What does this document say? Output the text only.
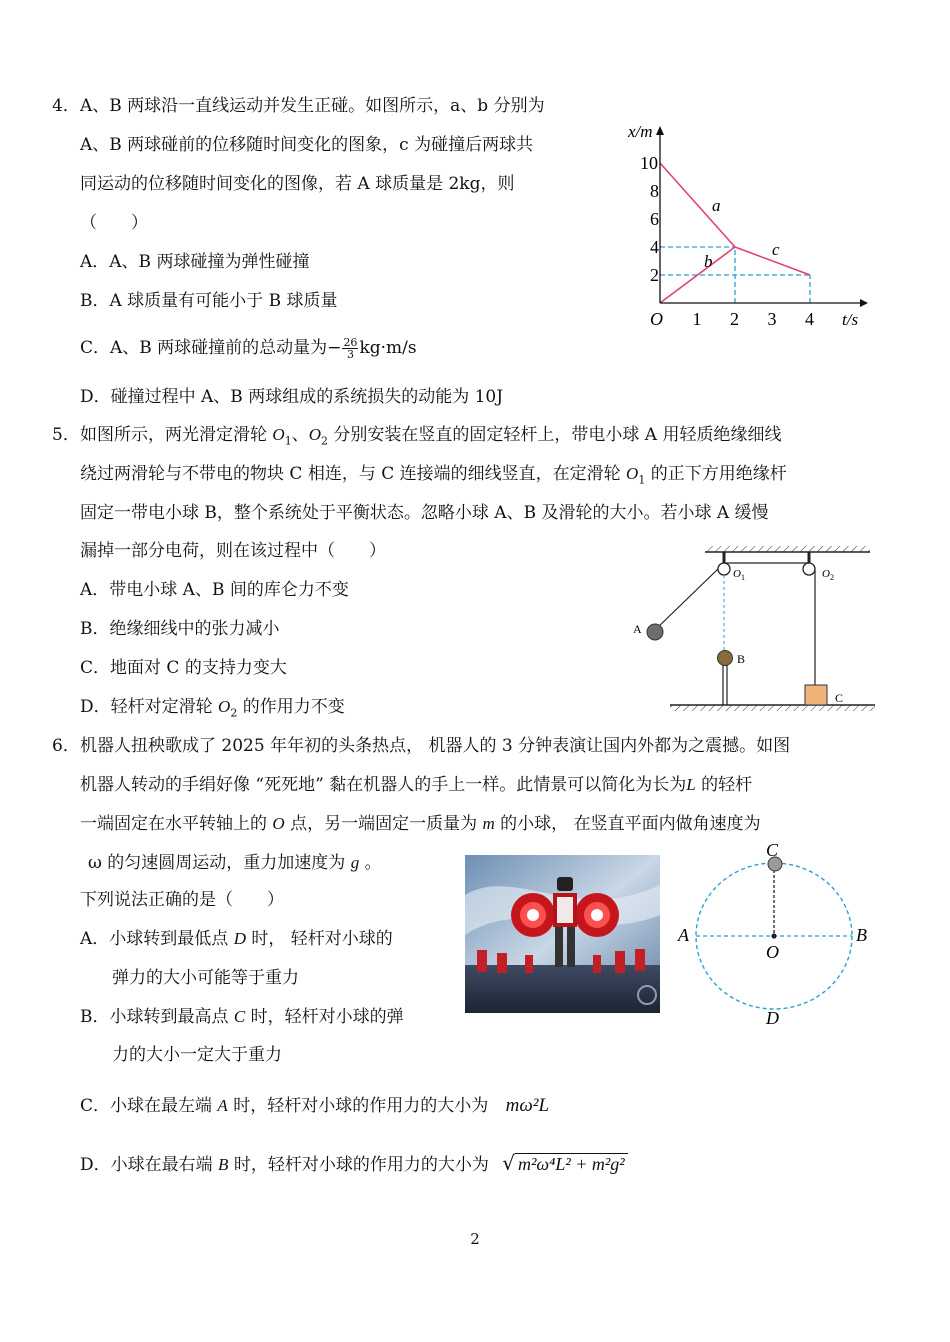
4． A、B 两球沿一直线运动并发生正碰。如图所示，a、b 分别为
A、B 两球碰前的位移随时间变化的图象，c 为碰撞后两球共
同运动的位移随时间变化的图像，若 A 球质量是 2kg，则
（　　）
A．A、B 两球碰撞为弹性碰撞
B．A 球质量有可能小于 B 球质量
C．A、B 两球碰撞前的总动量为− $\frac{26}{3} kg\cdot m/s$
D．碰撞过程中 A、B 两球组成的系统损失的动能为 10J
1 2 3 4
2
4
6
8
10
x/m
t/s
O
a
b
c
5． 如图所示，两光滑定滑轮 $O_1$、$O_2$ 分别安装在竖直的固定轻杆上，带电小球 A 用轻质绝缘细线
绕过两滑轮与不带电的物块 C 相连，与 C 连接端的细线竖直，在定滑轮 $O_1$ 的正下方用绝缘杆
固定一带电小球 B，整个系统处于平衡状态。忽略小球 A、B 及滑轮的大小。若小球 A 缓慢
漏掉一部分电荷，则在该过程中（　　）
A．带电小球 A、B 间的库仑力不变
B．绝缘细线中的张力减小
C．地面对 C 的支持力变大
D．轻杆对定滑轮 $O_2$ 的作用力不变
O 1	O 2
A
B
C
6． 机器人扭秧歌成了 2025 年年初的头条热点， 机器人的 3 分钟表演让国内外都为之震撼。如图
机器人转动的手绢好像 “死死地” 黏在机器人的手上一样。此情景可以简化为长为L 的轻杆
一端固定在水平转轴上的 O 点，另一端固定一质量为 m 的小球， 在竖直平面内做角速度为
ω 的匀速圆周运动，重力加速度为 g 。
下列说法正确的是（　　）
A．小球转到最低点 D 时， 轻杆对小球的
弹力的大小可能等于重力
B．小球转到最高点 C 时，轻杆对小球的弹
力的大小一定大于重力
C．小球在最左端 A 时，轻杆对小球的作用力的大小为 mω²L
D．小球在最右端 B 时，轻杆对小球的作用力的大小为 √ m²ω⁴L² + m²g²
C
A
O
B
D
2
